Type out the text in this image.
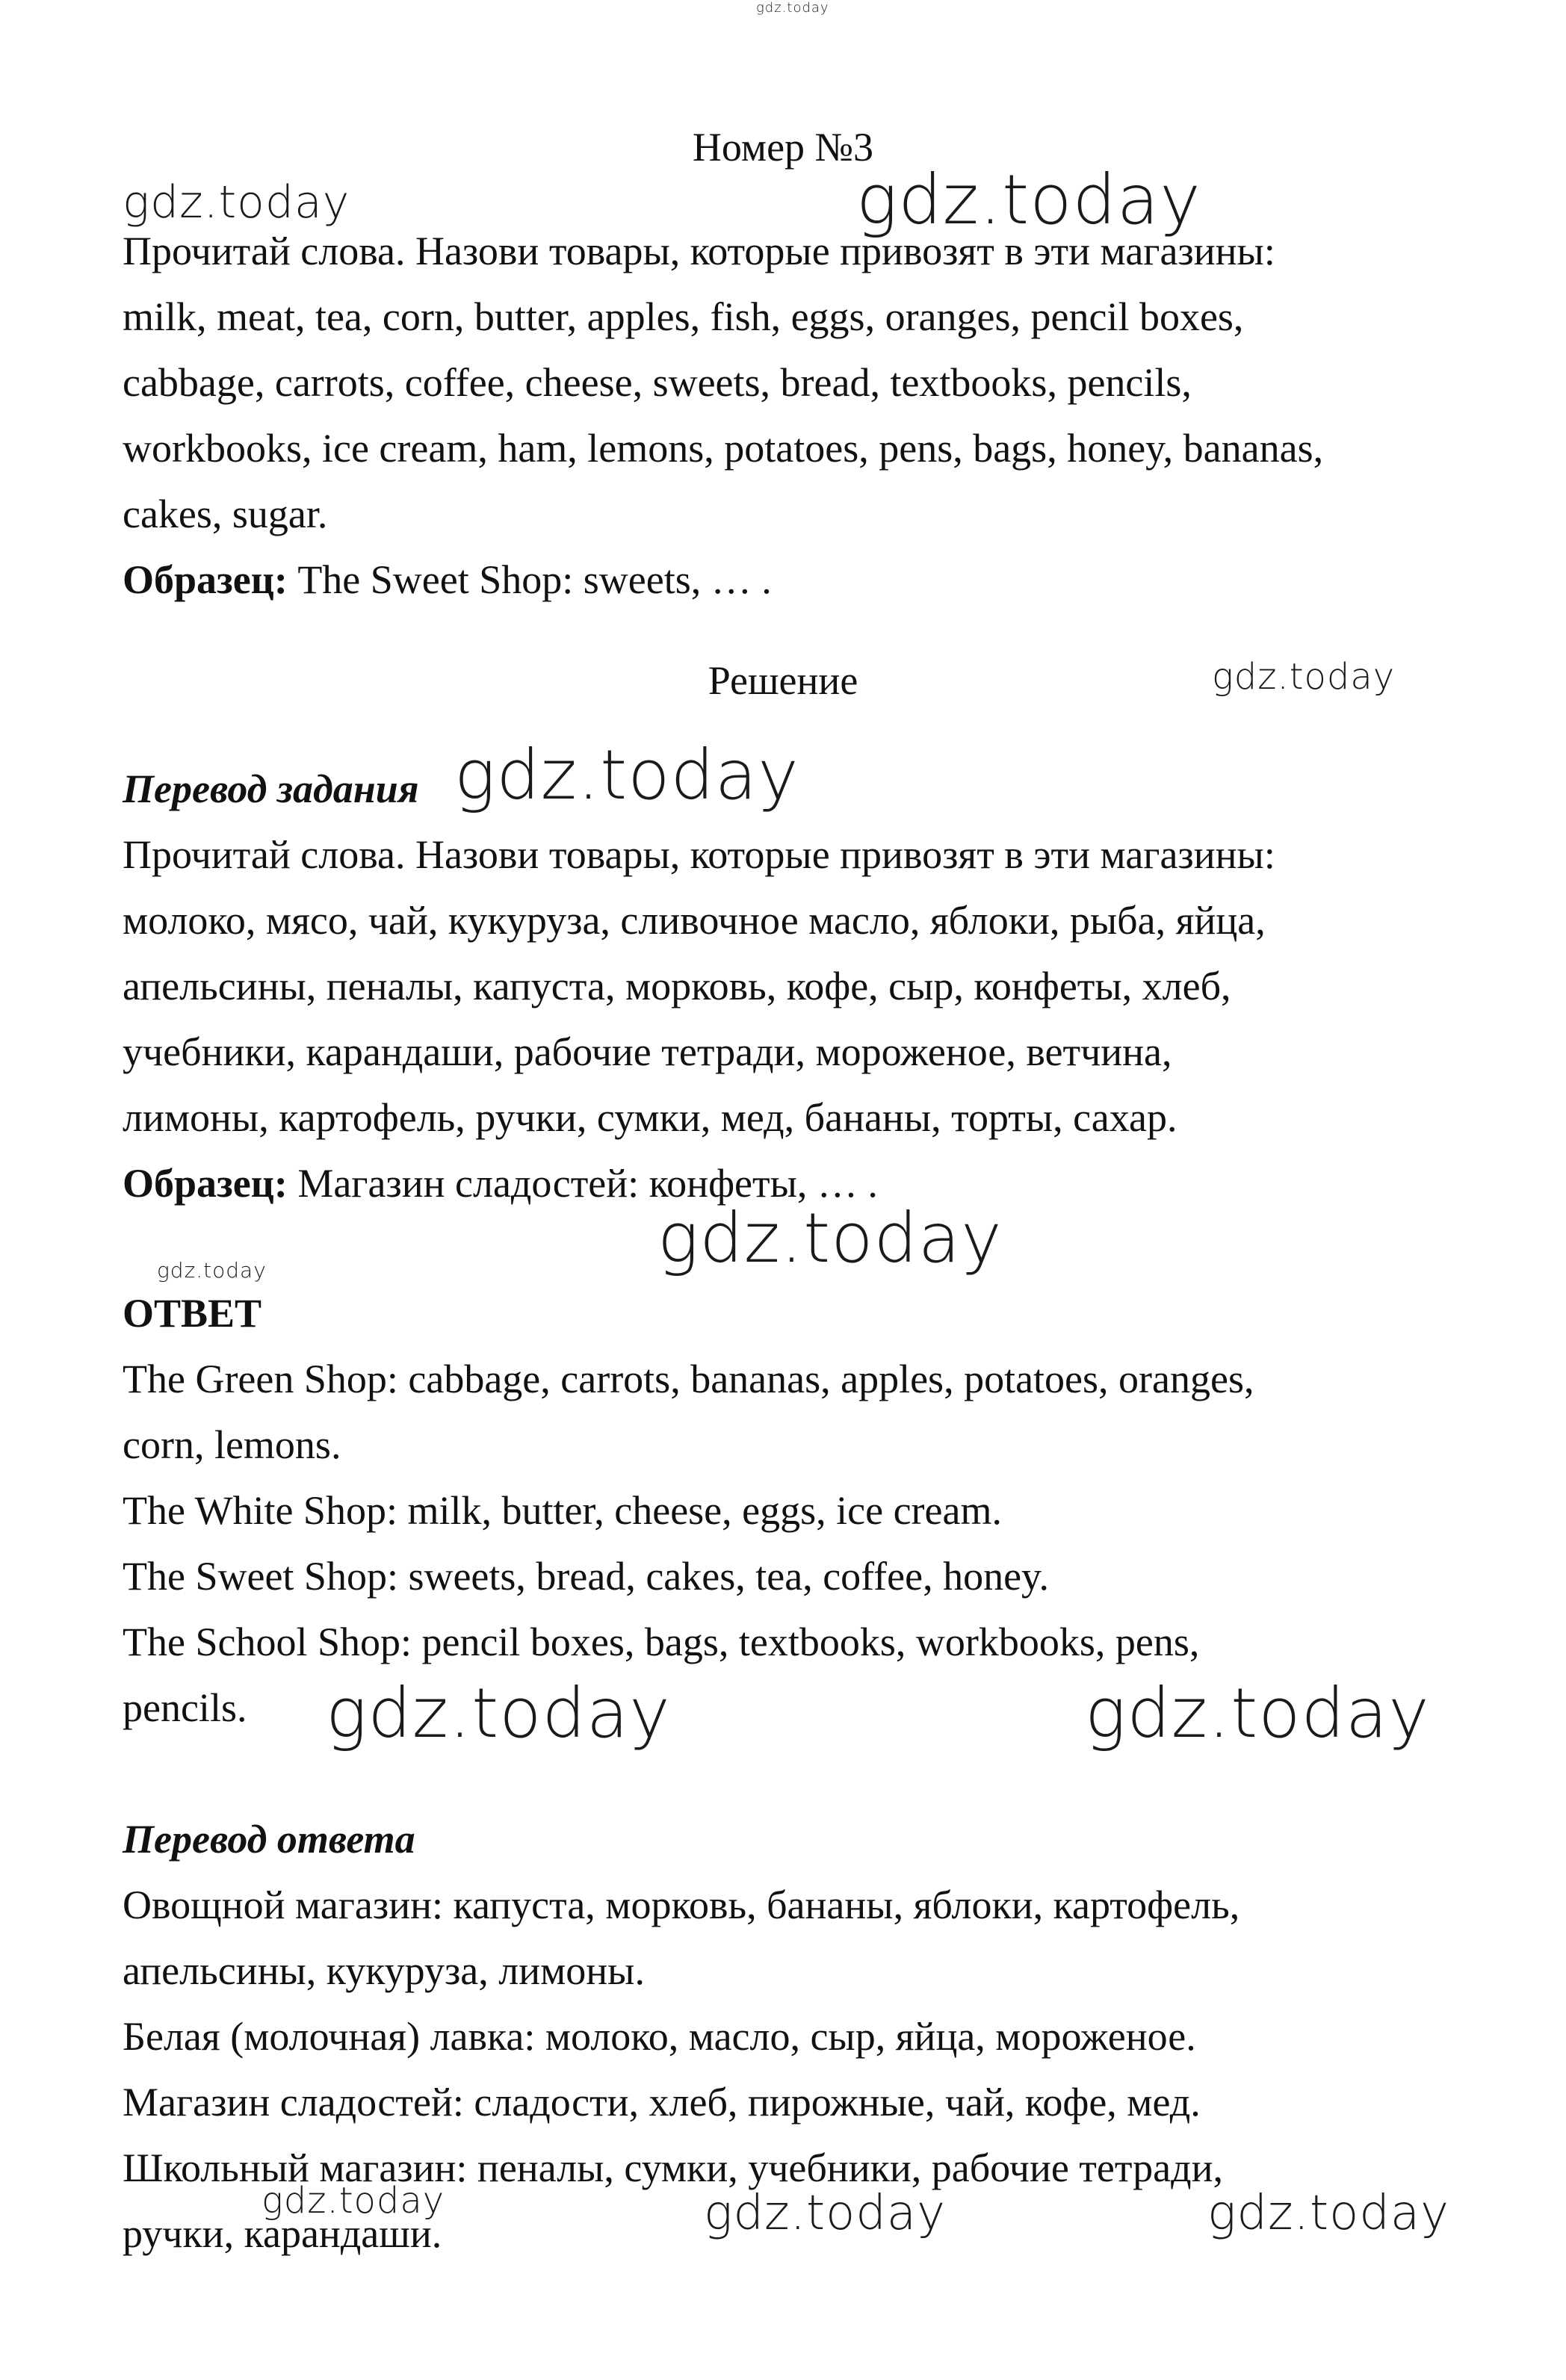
gdz.today
gdz.today	gdz.today
gdz.today
gdz.today
gdz.today
gdz.today
gdz.today	gdz.today
gdz.today	gdz.today	gdz.today
Номер №3

Прочитай слова. Назови товары, которые привозят в эти магазины:

milk, meat, tea, corn, butter, apples, fish, eggs, oranges, pencil boxes,

cabbage, carrots, coffee, cheese, sweets, bread, textbooks, pencils,

workbooks, ice cream, ham, lemons, potatoes, pens, bags, honey, bananas,

cakes, sugar.

Образец: The Sweet Shop: sweets, … .

Решение

Перевод задания

Прочитай слова. Назови товары, которые привозят в эти магазины:

молоко, мясо, чай, кукуруза, сливочное масло, яблоки, рыба, яйца,

апельсины, пеналы, капуста, морковь, кофе, сыр, конфеты, хлеб,

учебники, карандаши, рабочие тетради, мороженое, ветчина,

лимоны, картофель, ручки, сумки, мед, бананы, торты, сахар.

Образец: Магазин сладостей: конфеты, … .

ОТВЕТ

The Green Shop: cabbage, carrots, bananas, apples, potatoes, oranges,

corn, lemons.

The White Shop: milk, butter, cheese, eggs, ice cream.

The Sweet Shop: sweets, bread, cakes, tea, coffee, honey.

The School Shop: pencil boxes, bags, textbooks, workbooks, pens,

pencils.

Перевод ответа

Овощной магазин: капуста, морковь, бананы, яблоки, картофель,

апельсины, кукуруза, лимоны.

Белая (молочная) лавка: молоко, масло, сыр, яйца, мороженое.

Магазин сладостей: сладости, хлеб, пирожные, чай, кофе, мед.

Школьный магазин: пеналы, сумки, учебники, рабочие тетради,

ручки, карандаши.
